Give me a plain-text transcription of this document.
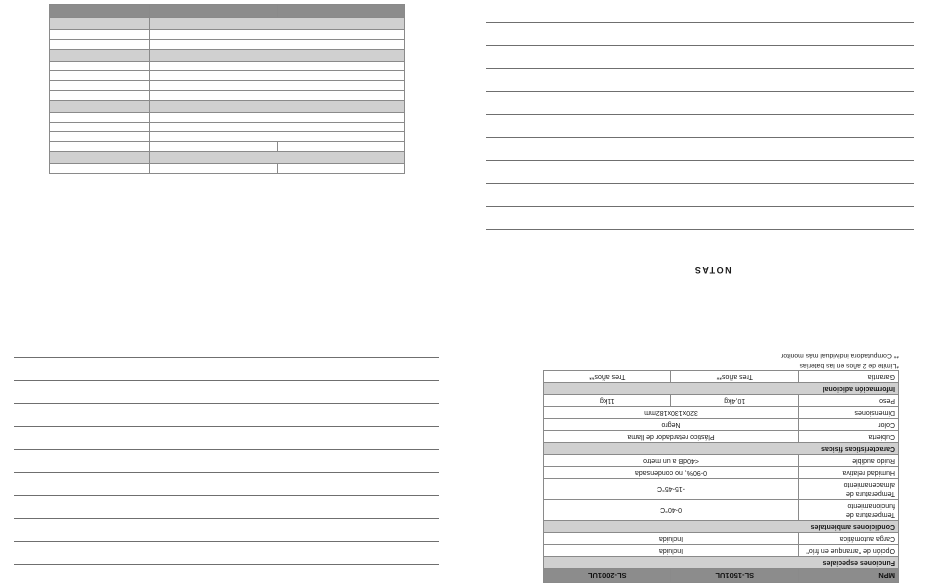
MPN	SL-1501UL	SL-2001UL
Funciones especiales		
Opción de "arranque en frío"	Incluida	
Carga automática	Incluida	
Condiciones ambientales		
Temperatura de funcionamiento	0-40°C	
Temperatura de almacenamiento	-15-45°C	
Humidad relativa	0-90%, no condensada	
Ruido audible	<40dB a un metro	
Características físicas		
Cubierta	Plástico retardador de llama	
Color	Negro	
Dimensiones	320x130x182mm	
Peso	10,4kg	11kg
Información adicional		
Garantía	Tres años**	Tres años**
*Límite de 2 años en las baterías
** Computadora individual más monitor
NOTAS
